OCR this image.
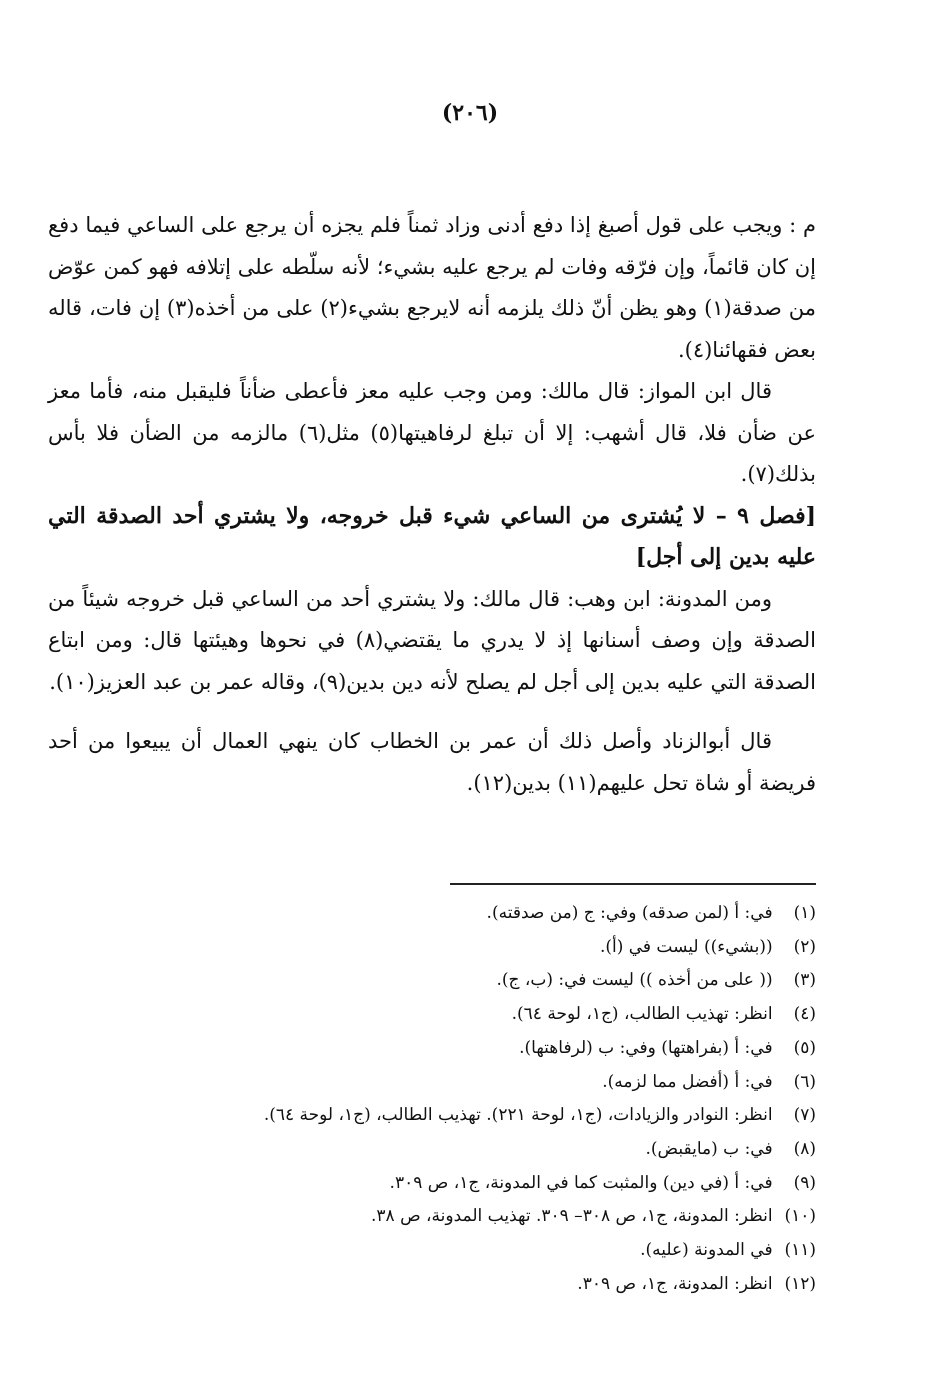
(٢٠٦)

م : ويجب على قول أصبغ إذا دفع أدنى وزاد ثمناً فلم يجزه أن يرجع على الساعي فيما دفع إن كان قائماً، وإن فرّقه وفات لم يرجع عليه بشيء؛ لأنه سلّطه على إتلافه فهو كمن عوّض من صدقة(١) وهو يظن أنّ ذلك يلزمه أنه لايرجع بشيء(٢) على من أخذه(٣) إن فات، قاله بعض فقهائنا(٤).

قال ابن المواز: قال مالك: ومن وجب عليه معز فأعطى ضأناً فليقبل منه، فأما معز عن ضأن فلا، قال أشهب: إلا أن تبلغ لرفاهيتها(٥) مثل(٦) مالزمه من الضأن فلا بأس بذلك(٧).

[فصل ٩ – لا يُشترى من الساعي شيء قبل خروجه، ولا يشتري أحد الصدقة التي عليه بدين إلى أجل]

ومن المدونة: ابن وهب: قال مالك: ولا يشتري أحد من الساعي قبل خروجه شيئاً من الصدقة وإن وصف أسنانها إذ لا يدري ما يقتضي(٨) في نحوها وهيئتها قال: ومن ابتاع الصدقة التي عليه بدين إلى أجل لم يصلح لأنه دين بدين(٩)، وقاله عمر بن عبد العزيز(١٠).

قال أبوالزناد وأصل ذلك أن عمر بن الخطاب كان ينهي العمال أن يبيعوا من أحد فريضة أو شاة تحل عليهم(١١) بدين(١٢).

(١) في: أ (لمن صدقه) وفي: ج (من صدقته).
(٢) ((بشيء)) ليست في (أ).
(٣) (( على من أخذه )) ليست في: (ب، ج).
(٤) انظر: تهذيب الطالب، (ج١، لوحة ٦٤).
(٥) في: أ (بفراهتها) وفي: ب (لرفاهتها).
(٦) في: أ (أفضل مما لزمه).
(٧) انظر: النوادر والزيادات، (ج١، لوحة ٢٢١). تهذيب الطالب، (ج١، لوحة ٦٤).
(٨) في: ب (مايقبض).
(٩) في: أ (في دين) والمثبت كما في المدونة، ج١، ص ٣٠٩.
(١٠) انظر: المدونة، ج١، ص ٣٠٨– ٣٠٩. تهذيب المدونة، ص ٣٨.
(١١) في المدونة (عليه).
(١٢) انظر: المدونة، ج١، ص ٣٠٩.
